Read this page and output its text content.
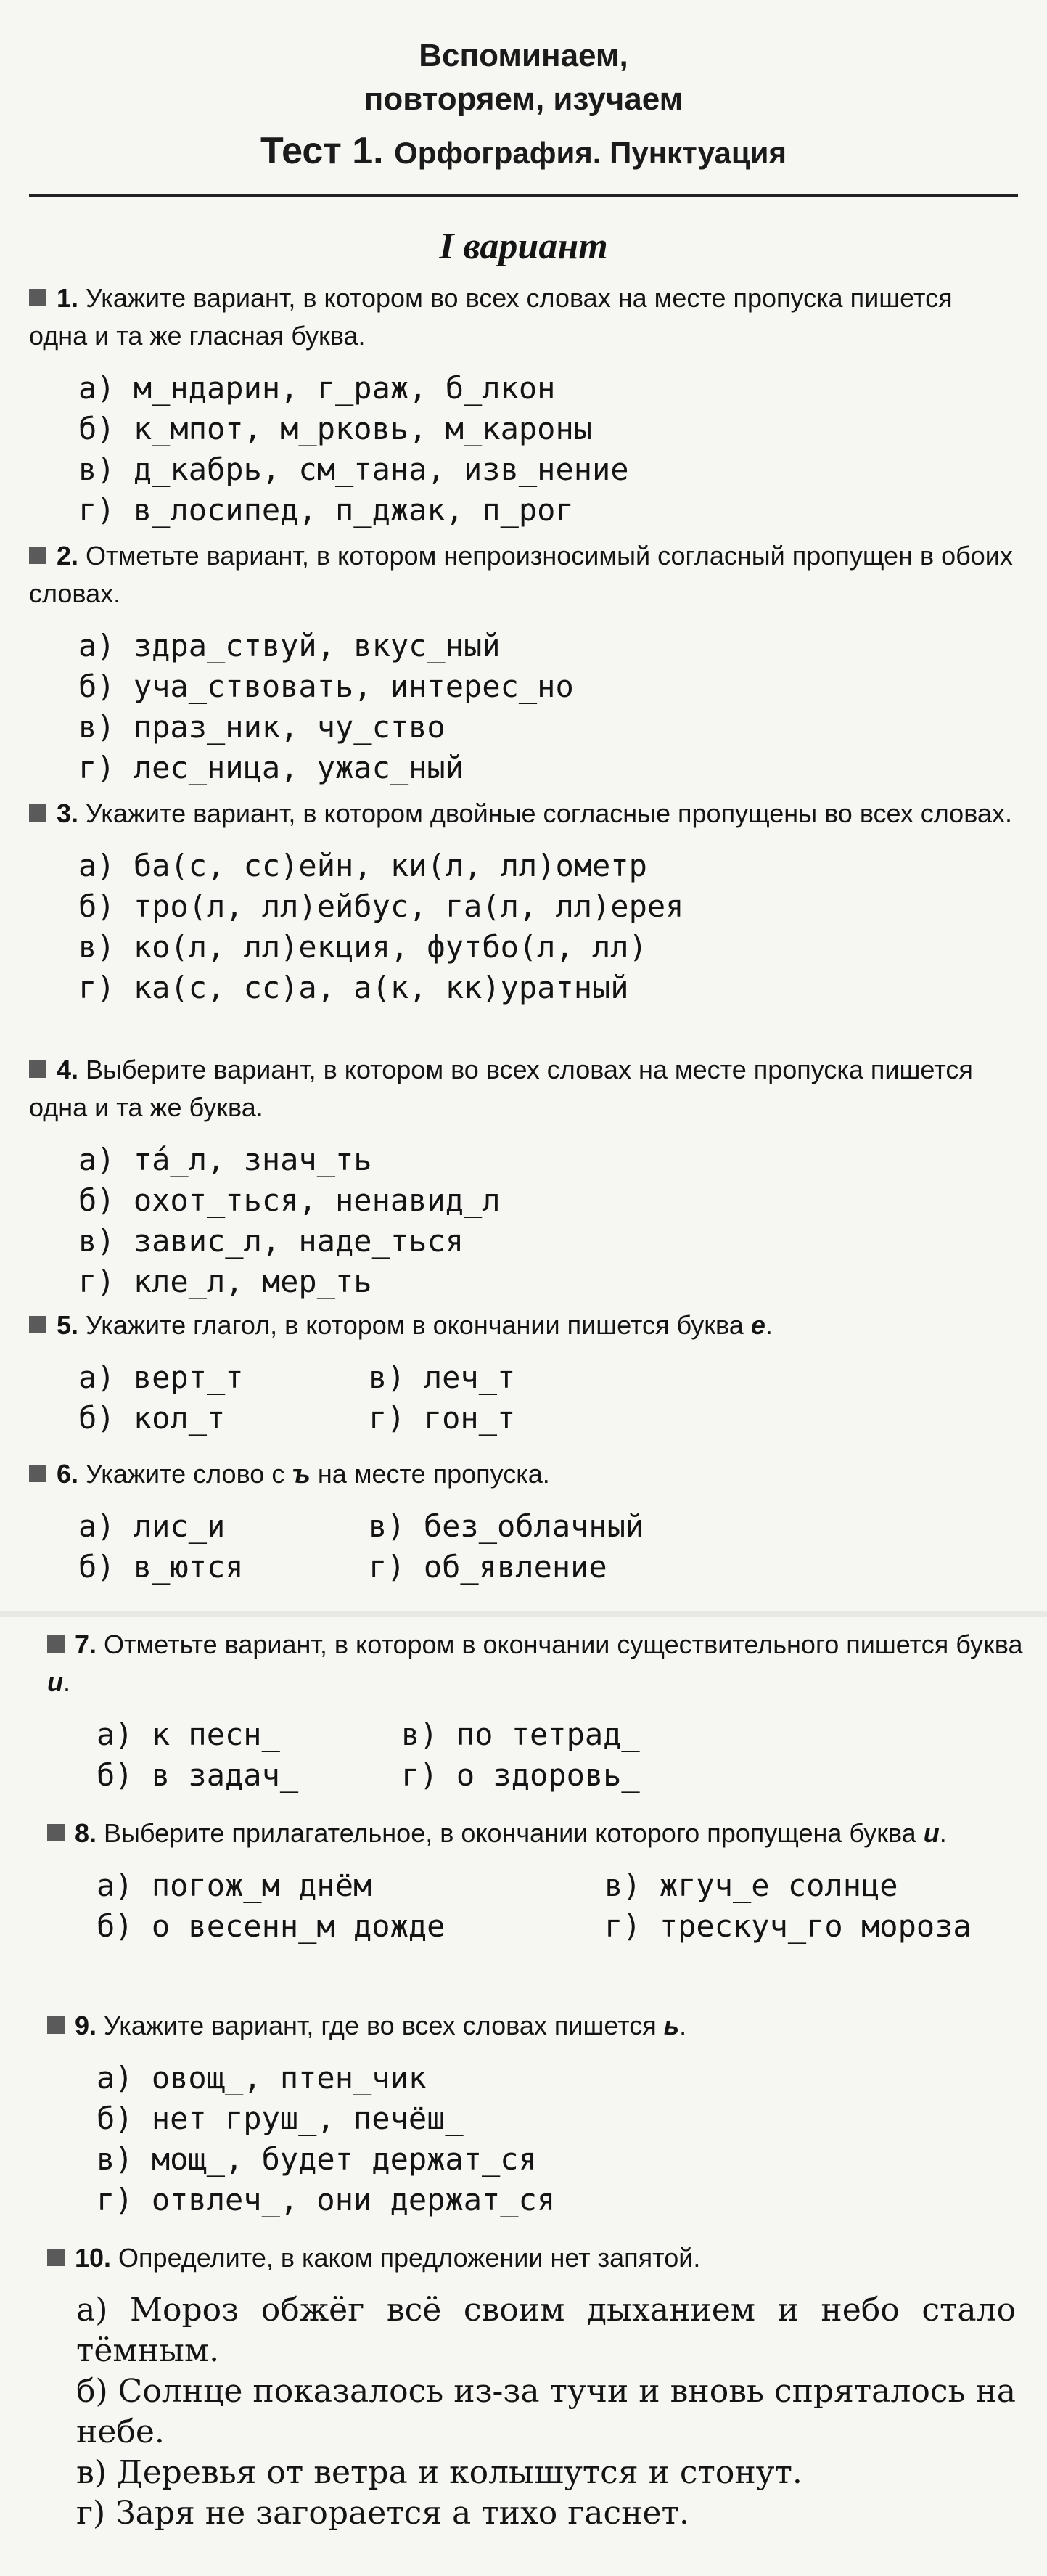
Вспоминаем,
повторяем, изучаем
Тест 1. Орфография. Пунктуация
I вариант
1. Укажите вариант, в котором во всех словах на месте пропуска пишется одна и та же гласная буква.
а) м_ндарин, г_раж, б_лкон
б) к_мпот, м_рковь, м_кароны
в) д_кабрь, см_тана, изв_нение
г) в_лосипед, п_джак, п_рог
2. Отметьте вариант, в котором непроизносимый согласный пропущен в обоих словах.
а) здра_ствуй, вкус_ный
б) уча_ствовать, интерес_но
в) праз_ник, чу_ство
г) лес_ница, ужас_ный
3. Укажите вариант, в котором двойные согласные пропущены во всех словах.
а) ба(с, сс)ейн, ки(л, лл)ометр
б) тро(л, лл)ейбус, га(л, лл)ерея
в) ко(л, лл)екция, футбо(л, лл)
г) ка(с, сс)а, а(к, кк)уратный
4. Выберите вариант, в котором во всех словах на месте пропуска пишется одна и та же буква.
а) та́_л, знач_ть
б) охот_ться, ненавид_л
в) завис_л, наде_ться
г) кле_л, мер_ть
5. Укажите глагол, в котором в окончании пишется буква е.
а) верт_т	в) леч_т
б) кол_т	г) гон_т
6. Укажите слово с ъ на месте пропуска.
а) лис_и	в) без_облачный
б) в_ются	г) об_явление
7. Отметьте вариант, в котором в окончании существительного пишется буква и.
а) к песн_	в) по тетрад_
б) в задач_	г) о здоровь_
8. Выберите прилагательное, в окончании которого пропущена буква и.
а) погож_м днём	в) жгуч_е солнце
б) о весенн_м дожде	г) трескуч_го мороза
9. Укажите вариант, где во всех словах пишется ь.
а) овощ_, птен_чик
б) нет груш_, печёш_
в) мощ_, будет держат_ся
г) отвлеч_, они держат_ся
10. Определите, в каком предложении нет запятой.
а) Мороз обжёг всё своим дыханием и небо стало тёмным.
б) Солнце показалось из-за тучи и вновь спряталось на небе.
в) Деревья от ветра и колышутся и стонут.
г) Заря не загорается а тихо гаснет.
